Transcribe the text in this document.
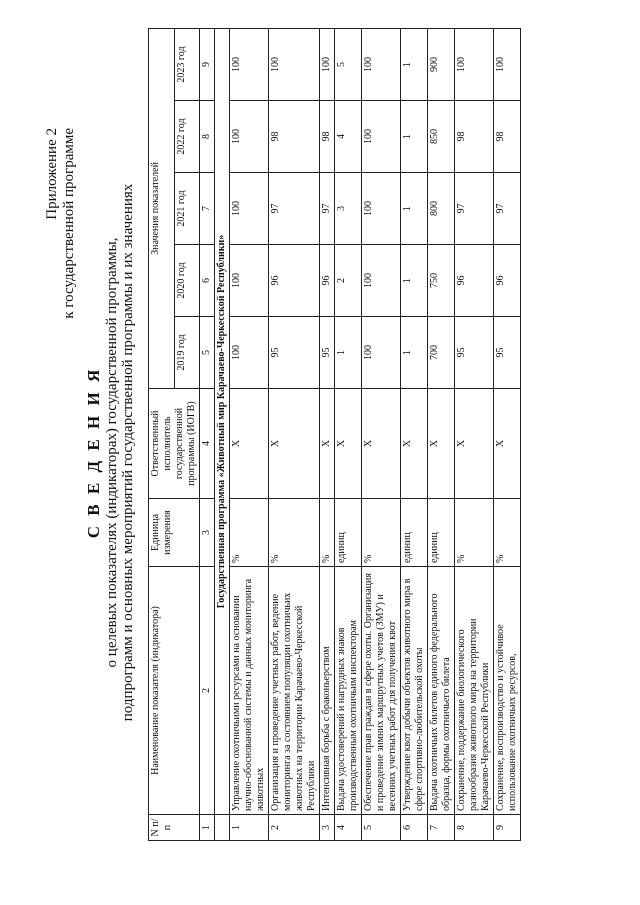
Приложение 2 к государственной программе
С В Е Д Е Н И Я о целевых показателях (индикаторах) государственной программы, подпрограмм и основных мероприятий государственной программы и их значениях
N п/п	Наименование показателя (индикатора)	Единица измерения	Ответственный исполнитель государственной программы (ИОГВ)	Значения показателей				
				2019 год	2020 год	2021 год	2022 год	2023 год
1	2	3	4	5	6	7	8	9
	Государственная программа «Животный мир Карачаево-Черкесской Республики»							
1	Управление охотничьими ресурсами на основании научно-обоснованной системы и данных мониторинга животных	%	X	100	100	100	100	100
2	Организация и проведение учетных работ, ведение мониторинга за состоянием популяции охотничьих животных на территории Карачаево-Черкесской Республики	%	X	95	96	97	98	100
3	Интенсивная борьба с браконьерством	%	X	95	96	97	98	100
4	Выдача удостоверений и нагрудных знаков производственным охотничьим инспекторам	единиц	X	1	2	3	4	5
5	Обеспечение прав граждан в сфере охоты. Организация и проведение зимних маршрутных учетов (ЗМУ) и весенних учетных работ для получения квот	%	X	100	100	100	100	100
6	Утверждение квот добычи объектов животного мира в сфере спортивно-любительской охоты	единиц	X	1	1	1	1	1
7	Выдача охотничьих билетов единого федерального образца, формы охотничьего билета	единиц	X	700	750	800	850	900
8	Сохранение, поддержание биологического разнообразия животного мира на территории Карачаево-Черкесской Республики	%	X	95	96	97	98	100
9	Сохранение, воспроизводство и устойчивое использование охотничьих ресурсов,	%	X	95	96	97	98	100
